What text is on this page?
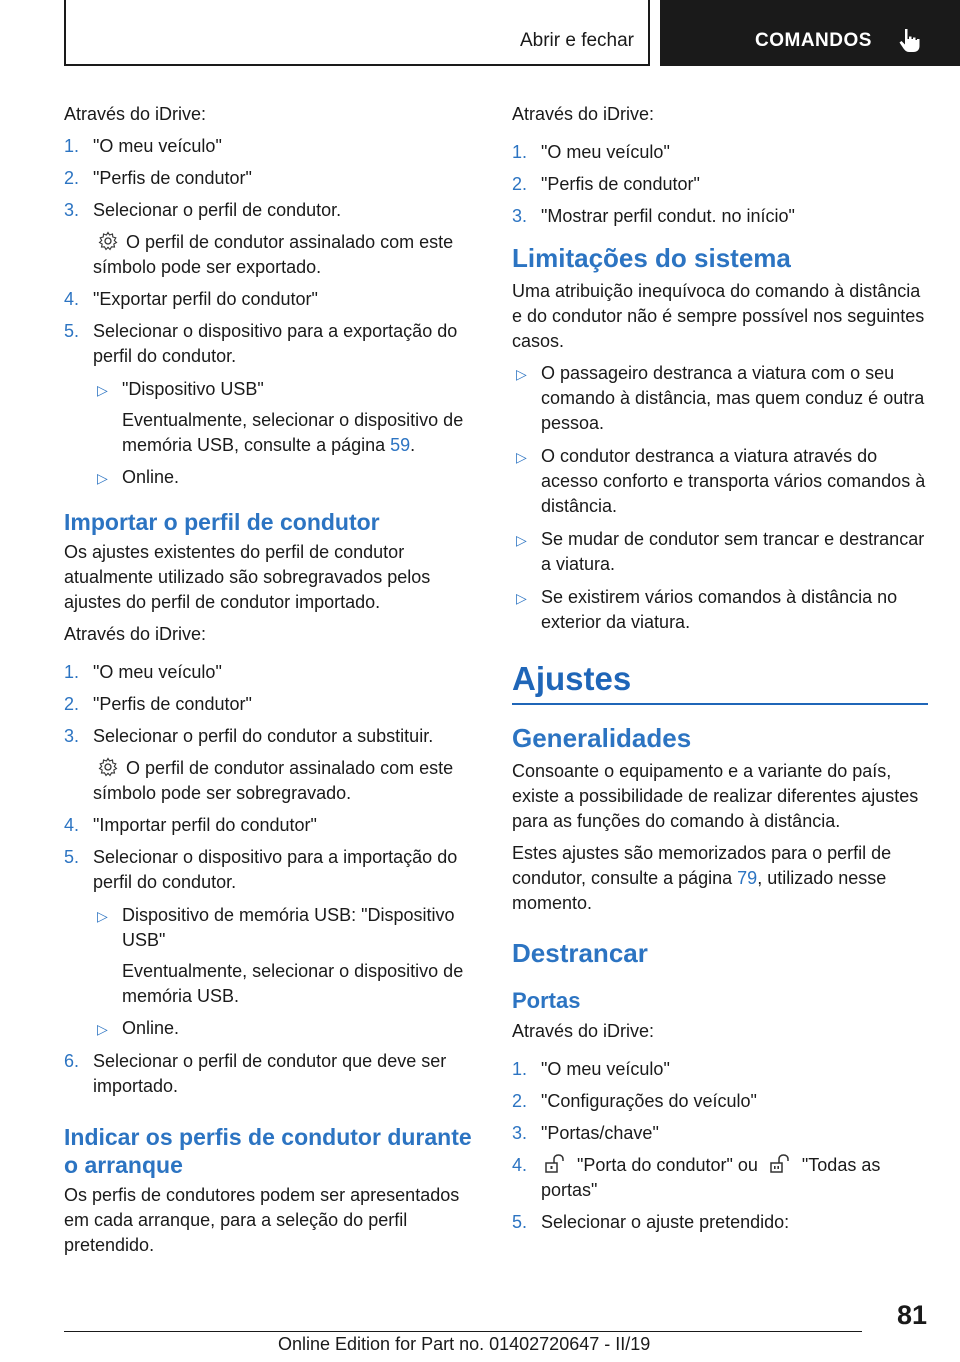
Abrir e fechar	COMANDOS

Através do iDrive:

1. "O meu veículo"
2. "Perfis de condutor"
3. Selecionar o perfil de condutor.

O perfil de condutor assinalado com este símbolo pode ser exportado.

4. "Exportar perfil do condutor"
5. Selecionar o dispositivo para a exportação do perfil do condutor.
▷ "Dispositivo USB"

Eventualmente, selecionar o dispositivo de memória USB, consulte a página 59.

▷ Online.
Importar o perfil de condutor

Os ajustes existentes do perfil de condutor atualmente utilizado são sobregravados pelos ajustes do perfil de condutor importado.

Através do iDrive:

1. "O meu veículo"
2. "Perfis de condutor"
3. Selecionar o perfil do condutor a substituir.

O perfil de condutor assinalado com este símbolo pode ser sobregravado.

4. "Importar perfil do condutor"
5. Selecionar o dispositivo para a importação do perfil do condutor.
▷ Dispositivo de memória USB: "Dispositivo USB"

Eventualmente, selecionar o dispositivo de memória USB.

▷ Online.
6. Selecionar o perfil de condutor que deve ser importado.
Indicar os perfis de condutor durante o arranque

Os perfis de condutores podem ser apresentados em cada arranque, para a seleção do perfil pretendido.

Através do iDrive:

1. "O meu veículo"
2. "Perfis de condutor"
3. "Mostrar perfil condut. no início"
Limitações do sistema

Uma atribuição inequívoca do comando à distância e do condutor não é sempre possível nos seguintes casos.

▷ O passageiro destranca a viatura com o seu comando à distância, mas quem conduz é outra pessoa.
▷ O condutor destranca a viatura através do acesso conforto e transporta vários comandos à distância.
▷ Se mudar de condutor sem trancar e destrancar a viatura.
▷ Se existirem vários comandos à distância no exterior da viatura.
Ajustes
Generalidades

Consoante o equipamento e a variante do país, existe a possibilidade de realizar diferentes ajustes para as funções do comando à distância.

Estes ajustes são memorizados para o perfil de condutor, consulte a página 79, utilizado nesse momento.

Destrancar
Portas

Através do iDrive:

1. "O meu veículo"
2. "Configurações do veículo"
3. "Portas/chave"
4.	"Porta do condutor" ou "Todas as portas"
5. Selecionar o ajuste pretendido:
81
Online Edition for Part no. 01402720647 - II/19
